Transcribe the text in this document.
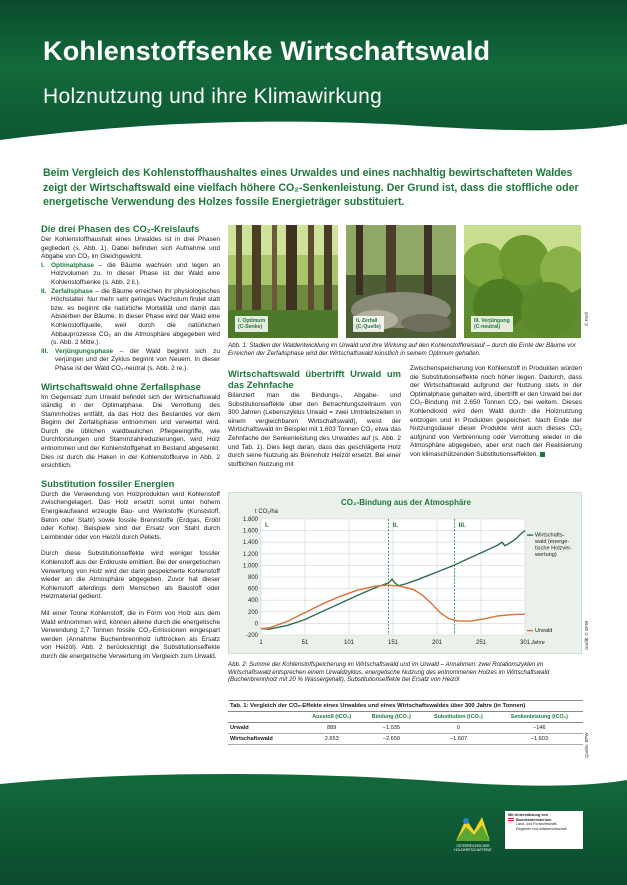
Kohlenstoffsenke Wirtschaftswald
Holznutzung und ihre Klimawirkung
Beim Vergleich des Kohlenstoffhaushaltes eines Urwaldes und eines nachhaltig bewirtschafteten Waldes zeigt der Wirtschaftswald eine vielfach höhere CO₂-Senkenleistung. Der Grund ist, dass die stoffliche oder energetische Verwendung des Holzes fossile Energieträger substituiert.
Die drei Phasen des CO₂-Kreislaufs

Der Kohlenstoffhaushalt eines Urwaldes ist in drei Phasen gegliedert (s. Abb. 1). Dabei befinden sich Aufnahme und Abgabe von CO₂ im Gleichgewicht.

I. Optimalphase – die Bäume wachsen und legen an Holzvolumen zu. In dieser Phase ist der Wald eine Kohlenstoffsenke (s. Abb. 2 li.).
II. Zerfallsphase – die Bäume erreichen ihr physiologisches Höchstalter. Nur mehr sehr geringes Wachstum findet statt bzw. es beginnt die natürliche Mortalität und damit das Absterben der Bäume. In dieser Phase wird der Wald eine Kohlenstoffquelle, weil durch die natürlichen Abbauprozesse CO₂ an die Atmosphäre abgegeben wird (s. Abb. 2 Mitte.).
III.	Verjüngungsphase – der Wald beginnt sich zu verjüngen und der Zyklus beginnt von Neuem. In dieser Phase ist der Wald CO₂-neutral (s. Abb. 2 re.).
Wirtschaftswald ohne Zerfallsphase

Im Gegensatz zum Urwald befindet sich der Wirtschaftswald ständig in der Optimalphase. Die Verrottung des Stammholzes entfällt, da das Holz des Bestandes vor dem Beginn der Zerfallsphase entnommen und verwertet wird. Durch die üblichen waldbaulichen Pflegeeingriffe, wie Durchforstungen und Stammzahlreduzierungen, wird Holz entnommen und der Kohlenstoffgehalt im Bestand abgesenkt. Dies ist durch die Haken in der Kohlenstoffkurve in Abb. 2 ersichtlich.

Substitution fossiler Energien

Durch die Verwendung von Holzprodukten wird Kohlenstoff zwischengelagert. Das Holz ersetzt somit unter hohem Energieaufwand erzeugte Bau- und Werkstoffe (Kunststoff, Beton oder Stahl) sowie fossile Brennstoffe (Erdgas, Erdöl oder Kohle). Beispiele sind der Ersatz von Stahl durch Leimbinder oder von Heizöl durch Pellets.

Durch diese Substitutionseffekte wird weniger fossiler Kohlenstoff aus der Erdkruste emittiert. Bei der energetischen Verwertung von Holz wird der darin gespeicherte Kohlenstoff wieder an die Atmosphäre abgegeben. Zuvor hat dieser Kohlenstoff allerdings dem Menschen als Baustoff oder Heizmaterial gedient.

Mit einer Tonne Kohlenstoff, die in Form von Holz aus dem Wald entnommen wird, können alleine durch die energetische Verwendung 2,7 Tonnen fossile CO₂-Emissionen eingespart werden (Annahme Buchenbrennholz lufttrocken als Ersatz von Heizöl). Abb. 2 berücksichtigt die Substitutionseffekte durch die energetische Verwertung im Vergleich zum Urwald.

I. Optimum
(C-Senke)
II. Zerfall
(C-Quelle)
III. Verjüngung
(C-neutral)
© Pröll
Abb. 1: Stadien der Waldentwicklung im Urwald und ihre Wirkung auf den Kohlenstoffkreislauf – durch die Ernte der Bäume vor Erreichen der Zerfallsphase wird der Wirtschaftswald künstlich in seinem Optimum gehalten.
Wirtschaftswald übertrifft Urwald um das Zehnfache

Bilanziert man die Bindungs-, Abgabe- und Substitutionseffekte über den Betrachtungszeitraum von 300 Jahren (Lebenszyklus Urwald = zwei Umtriebszeiten in einem vergleichbaren Wirtschaftswald), weist der Wirtschaftswald im Beispiel mit 1.603 Tonnen CO₂ etwa das Zehnfache der Senkenleistung des Urwaldes auf (s. Abb. 2 und Tab. 1). Dies liegt daran, dass das geschlägerte Holz durch seine Nutzung als Brennholz Heizöl ersetzt. Bei einer stofflichen Nutzung mit

Zwischenspeicherung von Kohlenstoff in Produkten würden die Substitutionseffekte noch höher liegen. Dadurch, dass der Wirtschaftswald aufgrund der Nutzung stets in der Optimalphase gehalten wird, übertrifft er den Urwald bei der CO₂-Bindung mit 2.650 Tonnen CO₂ bei weitem. Dieses Kohlendioxid wird dem Wald durch die Holznutzung entzogen und in Produkten gespeichert. Nach Ende der Nutzungsdauer dieser Produkte wird auch dieses CO₂ aufgrund von Verbrennung oder Verrottung wieder in die Atmosphäre abgegeben, aber erst nach der Realisierung von klimaschützenden Substitutionseffekten.

-200
0
200
400
600
800
1.000
1.200
1.400
1.600
1.800
1	51	101	151	201	251	301
I.	II.	III.
CO₂-Bindung aus der Atmosphäre
t CO₂/ha
Jahre
Wirtschafts-
wald (energe-
tische Holzver-
wertung)
Urwald	Grafik: © BFW
Abb. 2: Summe der Kohlenstoffspeicherung im Wirtschaftswald und im Urwald – Annahmen: zwei Rotationszyklen im Wirtschaftswald entsprechen einem Urwaldzyklus, energetische Nutzung des entnommenen Holzes im Wirtschaftswald (Buchenbrennholz mit 20 % Wassergehalt), Substitutionseffekte bei Ersatz von Heizöl
Tab. 1: Vergleich der CO₂-Effekte eines Urwaldes und eines Wirtschaftswaldes über 300 Jahre (in Tonnen)
	Ausstoß (tCO₂)	Bindung (tCO₂)	Substitution (tCO₂)	Senkenleistung (tCO₂)
Urwald	889	−1.035	0	−146
Wirtschaftswald	2.653	−2.650	−1.607	−1.603	Quelle: BFW
ÖSTERREICHISCHER
HOLZWIRTSCHAFTSRAT
Mit Unterstützung von
Bundesministerium
Land- und Forstwirtschaft,
Regionen und Wasserwirtschaft
